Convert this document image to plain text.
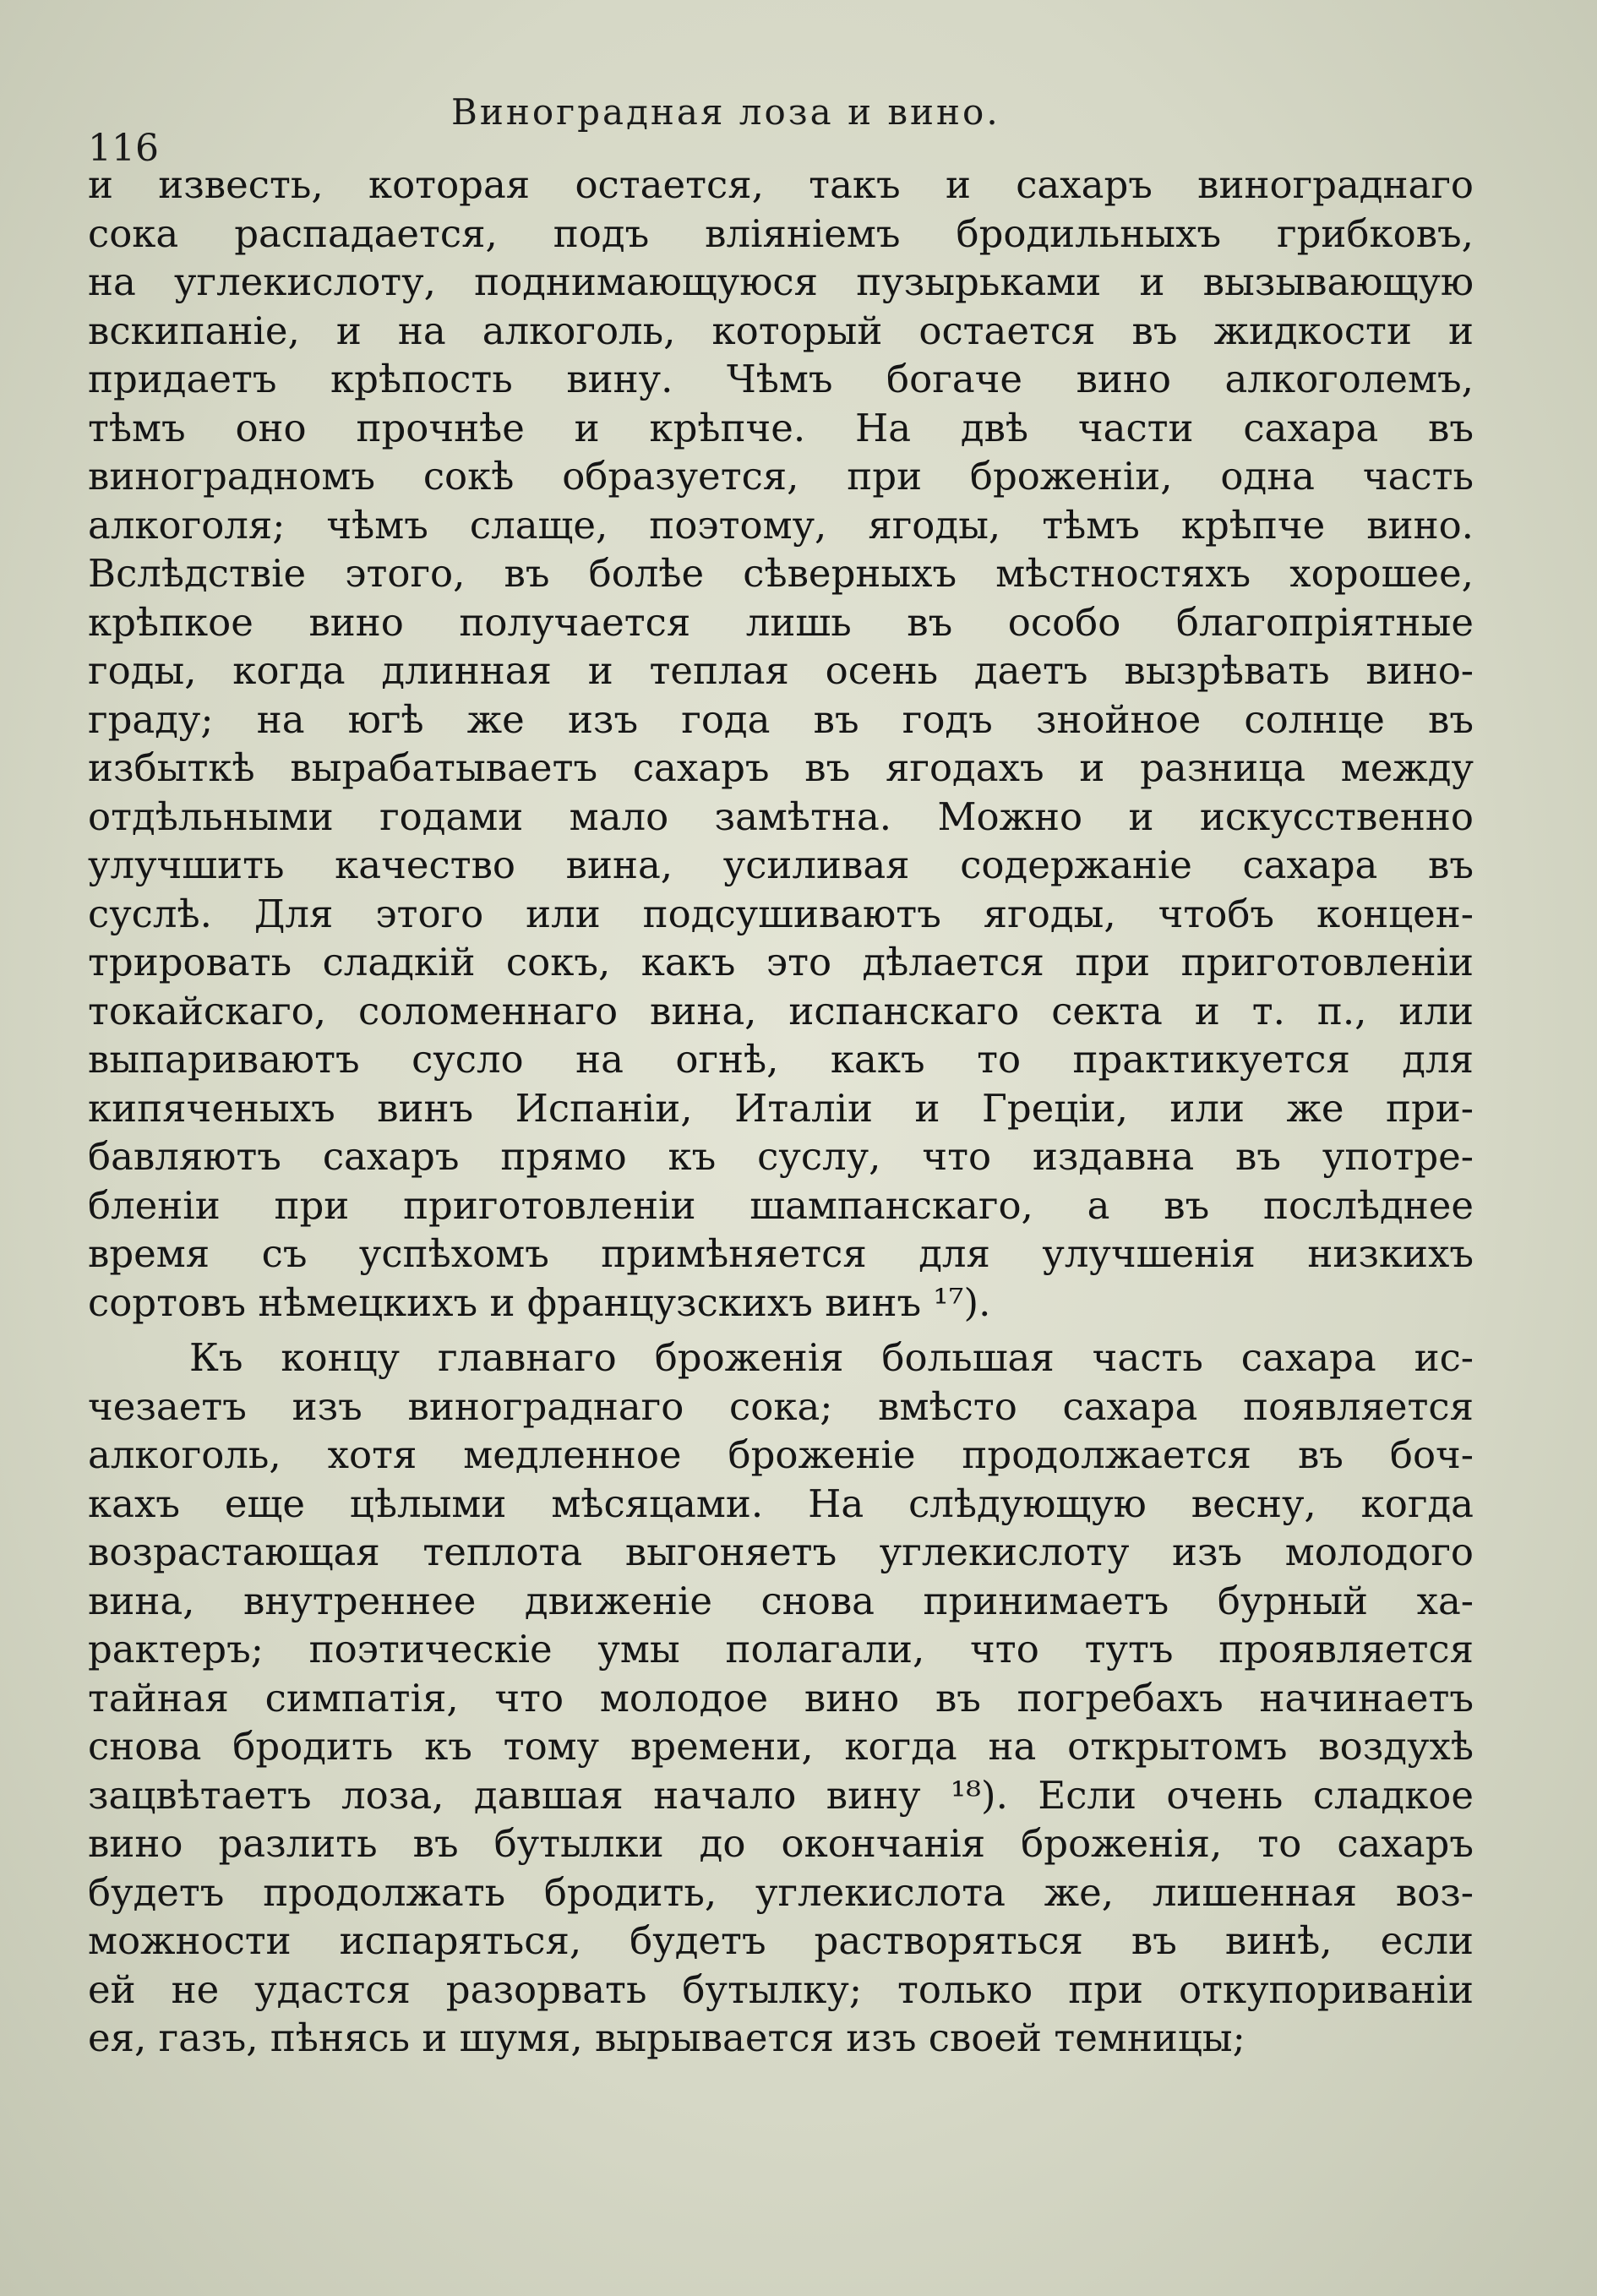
116
Виноградная лоза и вино.
и известь, которая остается, такъ и сахаръ винограднаго
сока распадается, подъ вліяніемъ бродильныхъ грибковъ,
на углекислоту, поднимающуюся пузырьками и вызывающую
вскипаніе, и на алкоголь, который остается въ жидкости и
придаетъ крѣпость вину. Чѣмъ богаче вино алкоголемъ,
тѣмъ оно прочнѣе и крѣпче. На двѣ части сахара въ
виноградномъ сокѣ образуется, при броженіи, одна часть
алкоголя; чѣмъ слаще, поэтому, ягоды, тѣмъ крѣпче вино.
Вслѣдствіе этого, въ болѣе сѣверныхъ мѣстностяхъ хорошее,
крѣпкое вино получается лишь въ особо благопріятные
годы, когда длинная и теплая осень даетъ вызрѣвать вино-
граду; на югѣ же изъ года въ годъ знойное солнце въ
избыткѣ вырабатываетъ сахаръ въ ягодахъ и разница между
отдѣльными годами мало замѣтна. Можно и искусственно
улучшить качество вина, усиливая содержаніе сахара въ
суслѣ. Для этого или подсушиваютъ ягоды, чтобъ концен-
трировать сладкій сокъ, какъ это дѣлается при приготовленіи
токайскаго, соломеннаго вина, испанскаго секта и т. п., или
выпариваютъ сусло на огнѣ, какъ то практикуется для
кипяченыхъ винъ Испаніи, Италіи и Греціи, или же при-
бавляютъ сахаръ прямо къ суслу, что издавна въ употре-
бленіи при приготовленіи шампанскаго, а въ послѣднее
время съ успѣхомъ примѣняется для улучшенія низкихъ
сортовъ нѣмецкихъ и французскихъ винъ ¹⁷).
Къ концу главнаго броженія большая часть сахара ис-
чезаетъ изъ винограднаго сока; вмѣсто сахара появляется
алкоголь, хотя медленное броженіе продолжается въ боч-
кахъ еще цѣлыми мѣсяцами. На слѣдующую весну, когда
возрастающая теплота выгоняетъ углекислоту изъ молодого
вина, внутреннее движеніе снова принимаетъ бурный ха-
рактеръ; поэтическіе умы полагали, что тутъ проявляется
тайная симпатія, что молодое вино въ погребахъ начинаетъ
снова бродить къ тому времени, когда на открытомъ воздухѣ
зацвѣтаетъ лоза, давшая начало вину ¹⁸). Если очень сладкое
вино разлить въ бутылки до окончанія броженія, то сахаръ
будетъ продолжать бродить, углекислота же, лишенная воз-
можности испаряться, будетъ растворяться въ винѣ, если
ей не удастся разорвать бутылку; только при откупориваніи
ея, газъ, пѣнясь и шумя, вырывается изъ своей темницы;
